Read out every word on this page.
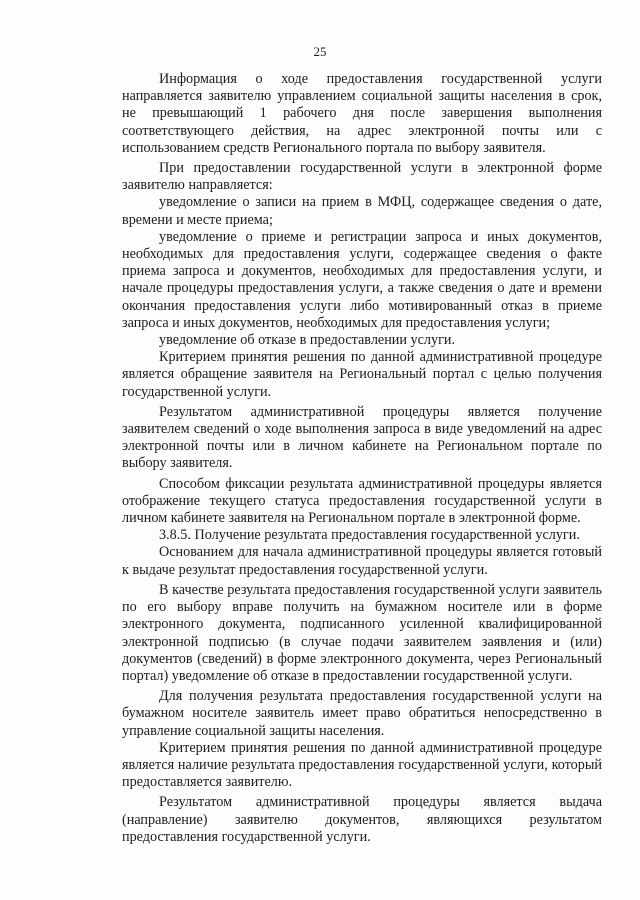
25

Информация о ходе предоставления государственной услуги направляется заявителю управлением социальной защиты населения в срок, не превышающий 1 рабочего дня после завершения выполнения соответствующего действия, на адрес электронной почты или с использованием средств Регионального портала по выбору заявителя.

При предоставлении государственной услуги в электронной форме заявителю направляется:

уведомление о записи на прием в МФЦ, содержащее сведения о дате, времени и месте приема;

уведомление о приеме и регистрации запроса и иных документов, необходимых для предоставления услуги, содержащее сведения о факте приема запроса и документов, необходимых для предоставления услуги, и начале процедуры предоставления услуги, а также сведения о дате и времени окончания предоставления услуги либо мотивированный отказ в приеме запроса и иных документов, необходимых для предоставления услуги;

уведомление об отказе в предоставлении услуги.

Критерием принятия решения по данной административной процедуре является обращение заявителя на Региональный портал с целью получения государственной услуги.

Результатом административной процедуры является получение заявителем сведений о ходе выполнения запроса в виде уведомлений на адрес электронной почты или в личном кабинете на Региональном портале по выбору заявителя.

Способом фиксации результата административной процедуры является отображение текущего статуса предоставления государственной услуги в личном кабинете заявителя на Региональном портале в электронной форме.

3.8.5. Получение результата предоставления государственной услуги.

Основанием для начала административной процедуры является готовый к выдаче результат предоставления государственной услуги.

В качестве результата предоставления государственной услуги заявитель по его выбору вправе получить на бумажном носителе или в форме электронного документа, подписанного усиленной квалифицированной электронной подписью (в случае подачи заявителем заявления и (или) документов (сведений) в форме электронного документа, через Региональный портал) уведомление об отказе в предоставлении государственной услуги.

Для получения результата предоставления государственной услуги на бумажном носителе заявитель имеет право обратиться непосредственно в управление социальной защиты населения.

Критерием принятия решения по данной административной процедуре является наличие результата предоставления государственной услуги, который предоставляется заявителю.

Результатом административной процедуры является выдача (направление) заявителю документов, являющихся результатом предоставления государственной услуги.
